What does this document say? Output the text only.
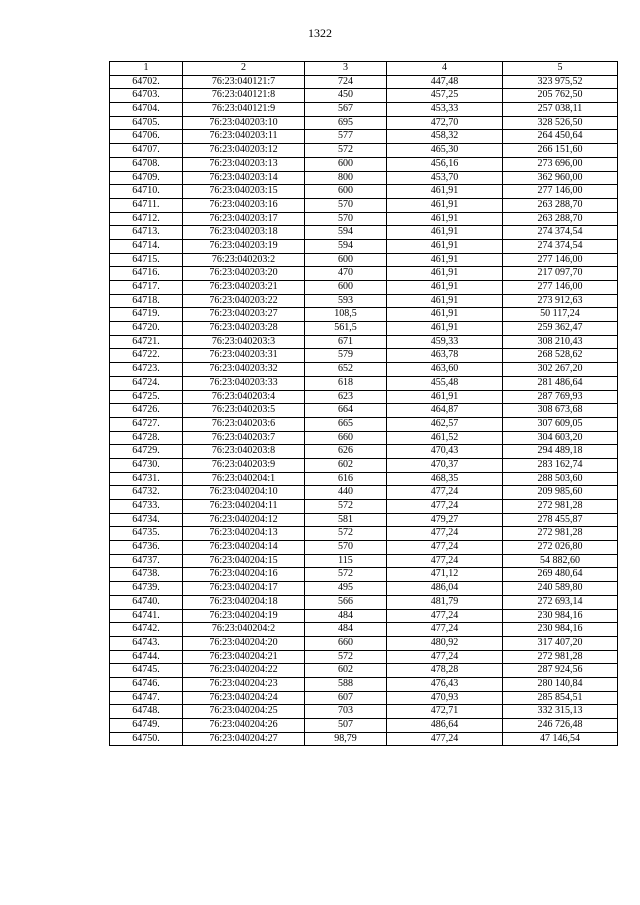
1322
1	2	3	4	5
64702.	76:23:040121:7	724	447,48	323 975,52
64703.	76:23:040121:8	450	457,25	205 762,50
64704.	76:23:040121:9	567	453,33	257 038,11
64705.	76:23:040203:10	695	472,70	328 526,50
64706.	76:23:040203:11	577	458,32	264 450,64
64707.	76:23:040203:12	572	465,30	266 151,60
64708.	76:23:040203:13	600	456,16	273 696,00
64709.	76:23:040203:14	800	453,70	362 960,00
64710.	76:23:040203:15	600	461,91	277 146,00
64711.	76:23:040203:16	570	461,91	263 288,70
64712.	76:23:040203:17	570	461,91	263 288,70
64713.	76:23:040203:18	594	461,91	274 374,54
64714.	76:23:040203:19	594	461,91	274 374,54
64715.	76:23:040203:2	600	461,91	277 146,00
64716.	76:23:040203:20	470	461,91	217 097,70
64717.	76:23:040203:21	600	461,91	277 146,00
64718.	76:23:040203:22	593	461,91	273 912,63
64719.	76:23:040203:27	108,5	461,91	50 117,24
64720.	76:23:040203:28	561,5	461,91	259 362,47
64721.	76:23:040203:3	671	459,33	308 210,43
64722.	76:23:040203:31	579	463,78	268 528,62
64723.	76:23:040203:32	652	463,60	302 267,20
64724.	76:23:040203:33	618	455,48	281 486,64
64725.	76:23:040203:4	623	461,91	287 769,93
64726.	76:23:040203:5	664	464,87	308 673,68
64727.	76:23:040203:6	665	462,57	307 609,05
64728.	76:23:040203:7	660	461,52	304 603,20
64729.	76:23:040203:8	626	470,43	294 489,18
64730.	76:23:040203:9	602	470,37	283 162,74
64731.	76:23:040204:1	616	468,35	288 503,60
64732.	76:23:040204:10	440	477,24	209 985,60
64733.	76:23:040204:11	572	477,24	272 981,28
64734.	76:23:040204:12	581	479,27	278 455,87
64735.	76:23:040204:13	572	477,24	272 981,28
64736.	76:23:040204:14	570	477,24	272 026,80
64737.	76:23:040204:15	115	477,24	54 882,60
64738.	76:23:040204:16	572	471,12	269 480,64
64739.	76:23:040204:17	495	486,04	240 589,80
64740.	76:23:040204:18	566	481,79	272 693,14
64741.	76:23:040204:19	484	477,24	230 984,16
64742.	76:23:040204:2	484	477,24	230 984,16
64743.	76:23:040204:20	660	480,92	317 407,20
64744.	76:23:040204:21	572	477,24	272 981,28
64745.	76:23:040204:22	602	478,28	287 924,56
64746.	76:23:040204:23	588	476,43	280 140,84
64747.	76:23:040204:24	607	470,93	285 854,51
64748.	76:23:040204:25	703	472,71	332 315,13
64749.	76:23:040204:26	507	486,64	246 726,48
64750.	76:23:040204:27	98,79	477,24	47 146,54
